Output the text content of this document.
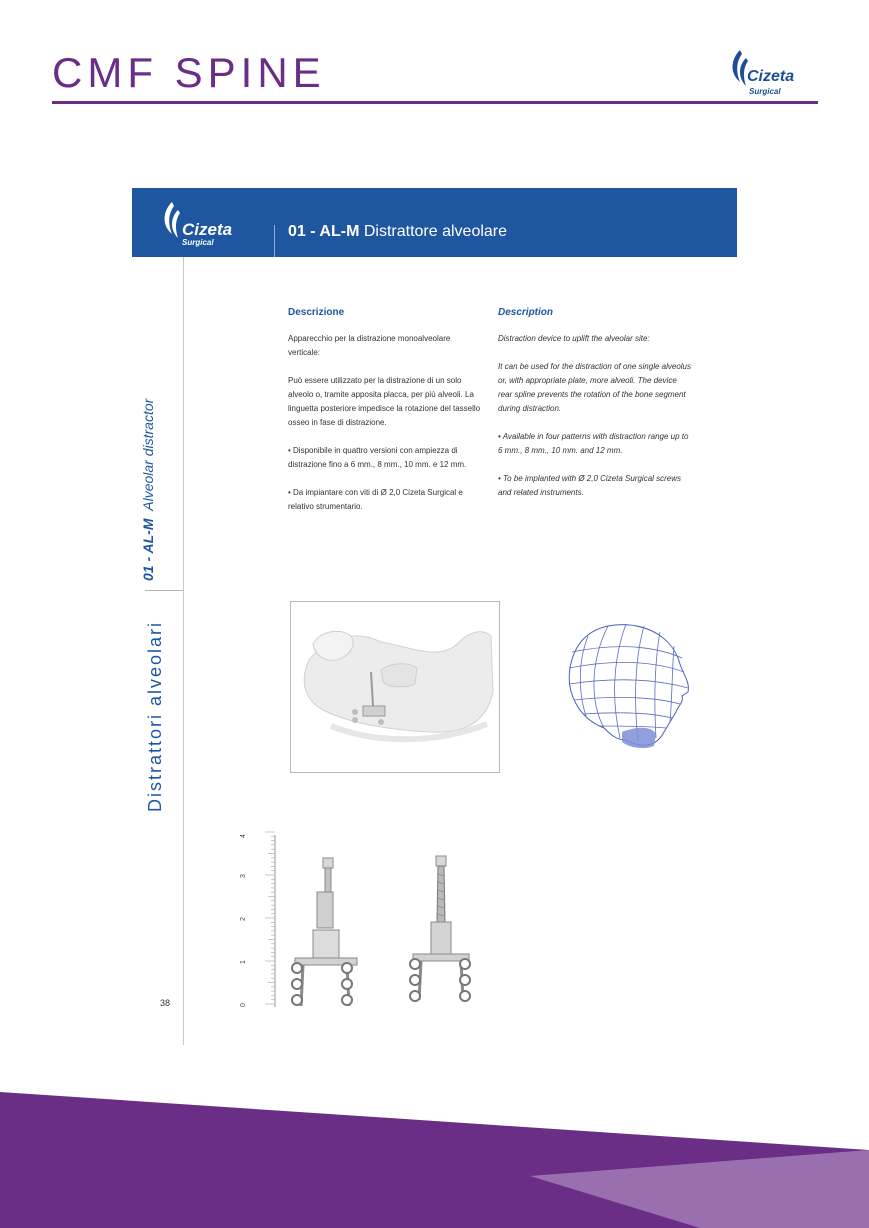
CMF SPINE	Cizeta
Surgical
Cizeta
Surgical
01 - AL-M Distrattore alveolare
01 - AL-M  Alveolar distractor
Distrattori alveolari
Descrizione

Apparecchio per la distrazione monoalveolare verticale:

Può essere utilizzato per la distrazione di un solo alveolo o, tramite apposita placca, per più alveoli. La linguetta posteriore impedisce la rotazione del tassello osseo in fase di distrazione.

• Disponibile in quattro versioni con ampiezza di distrazione fino a 6 mm., 8 mm., 10 mm. e 12 mm.

• Da impiantare con viti di Ø 2,0 Cizeta Surgical e relativo strumentario.

Description

Distraction device to uplift the alveolar site:

It can be used for the distraction of one single alveolus or, with appropriate plate, more alveoli. The device rear spline prevents the rotation of the bone segment during distraction.

• Available in four patterns with distraction range up to 6 mm., 8 mm., 10 mm. and 12 mm.

• To be implanted with Ø 2,0 Cizeta Surgical screws and related instruments.

0
1
2
3
4
38
